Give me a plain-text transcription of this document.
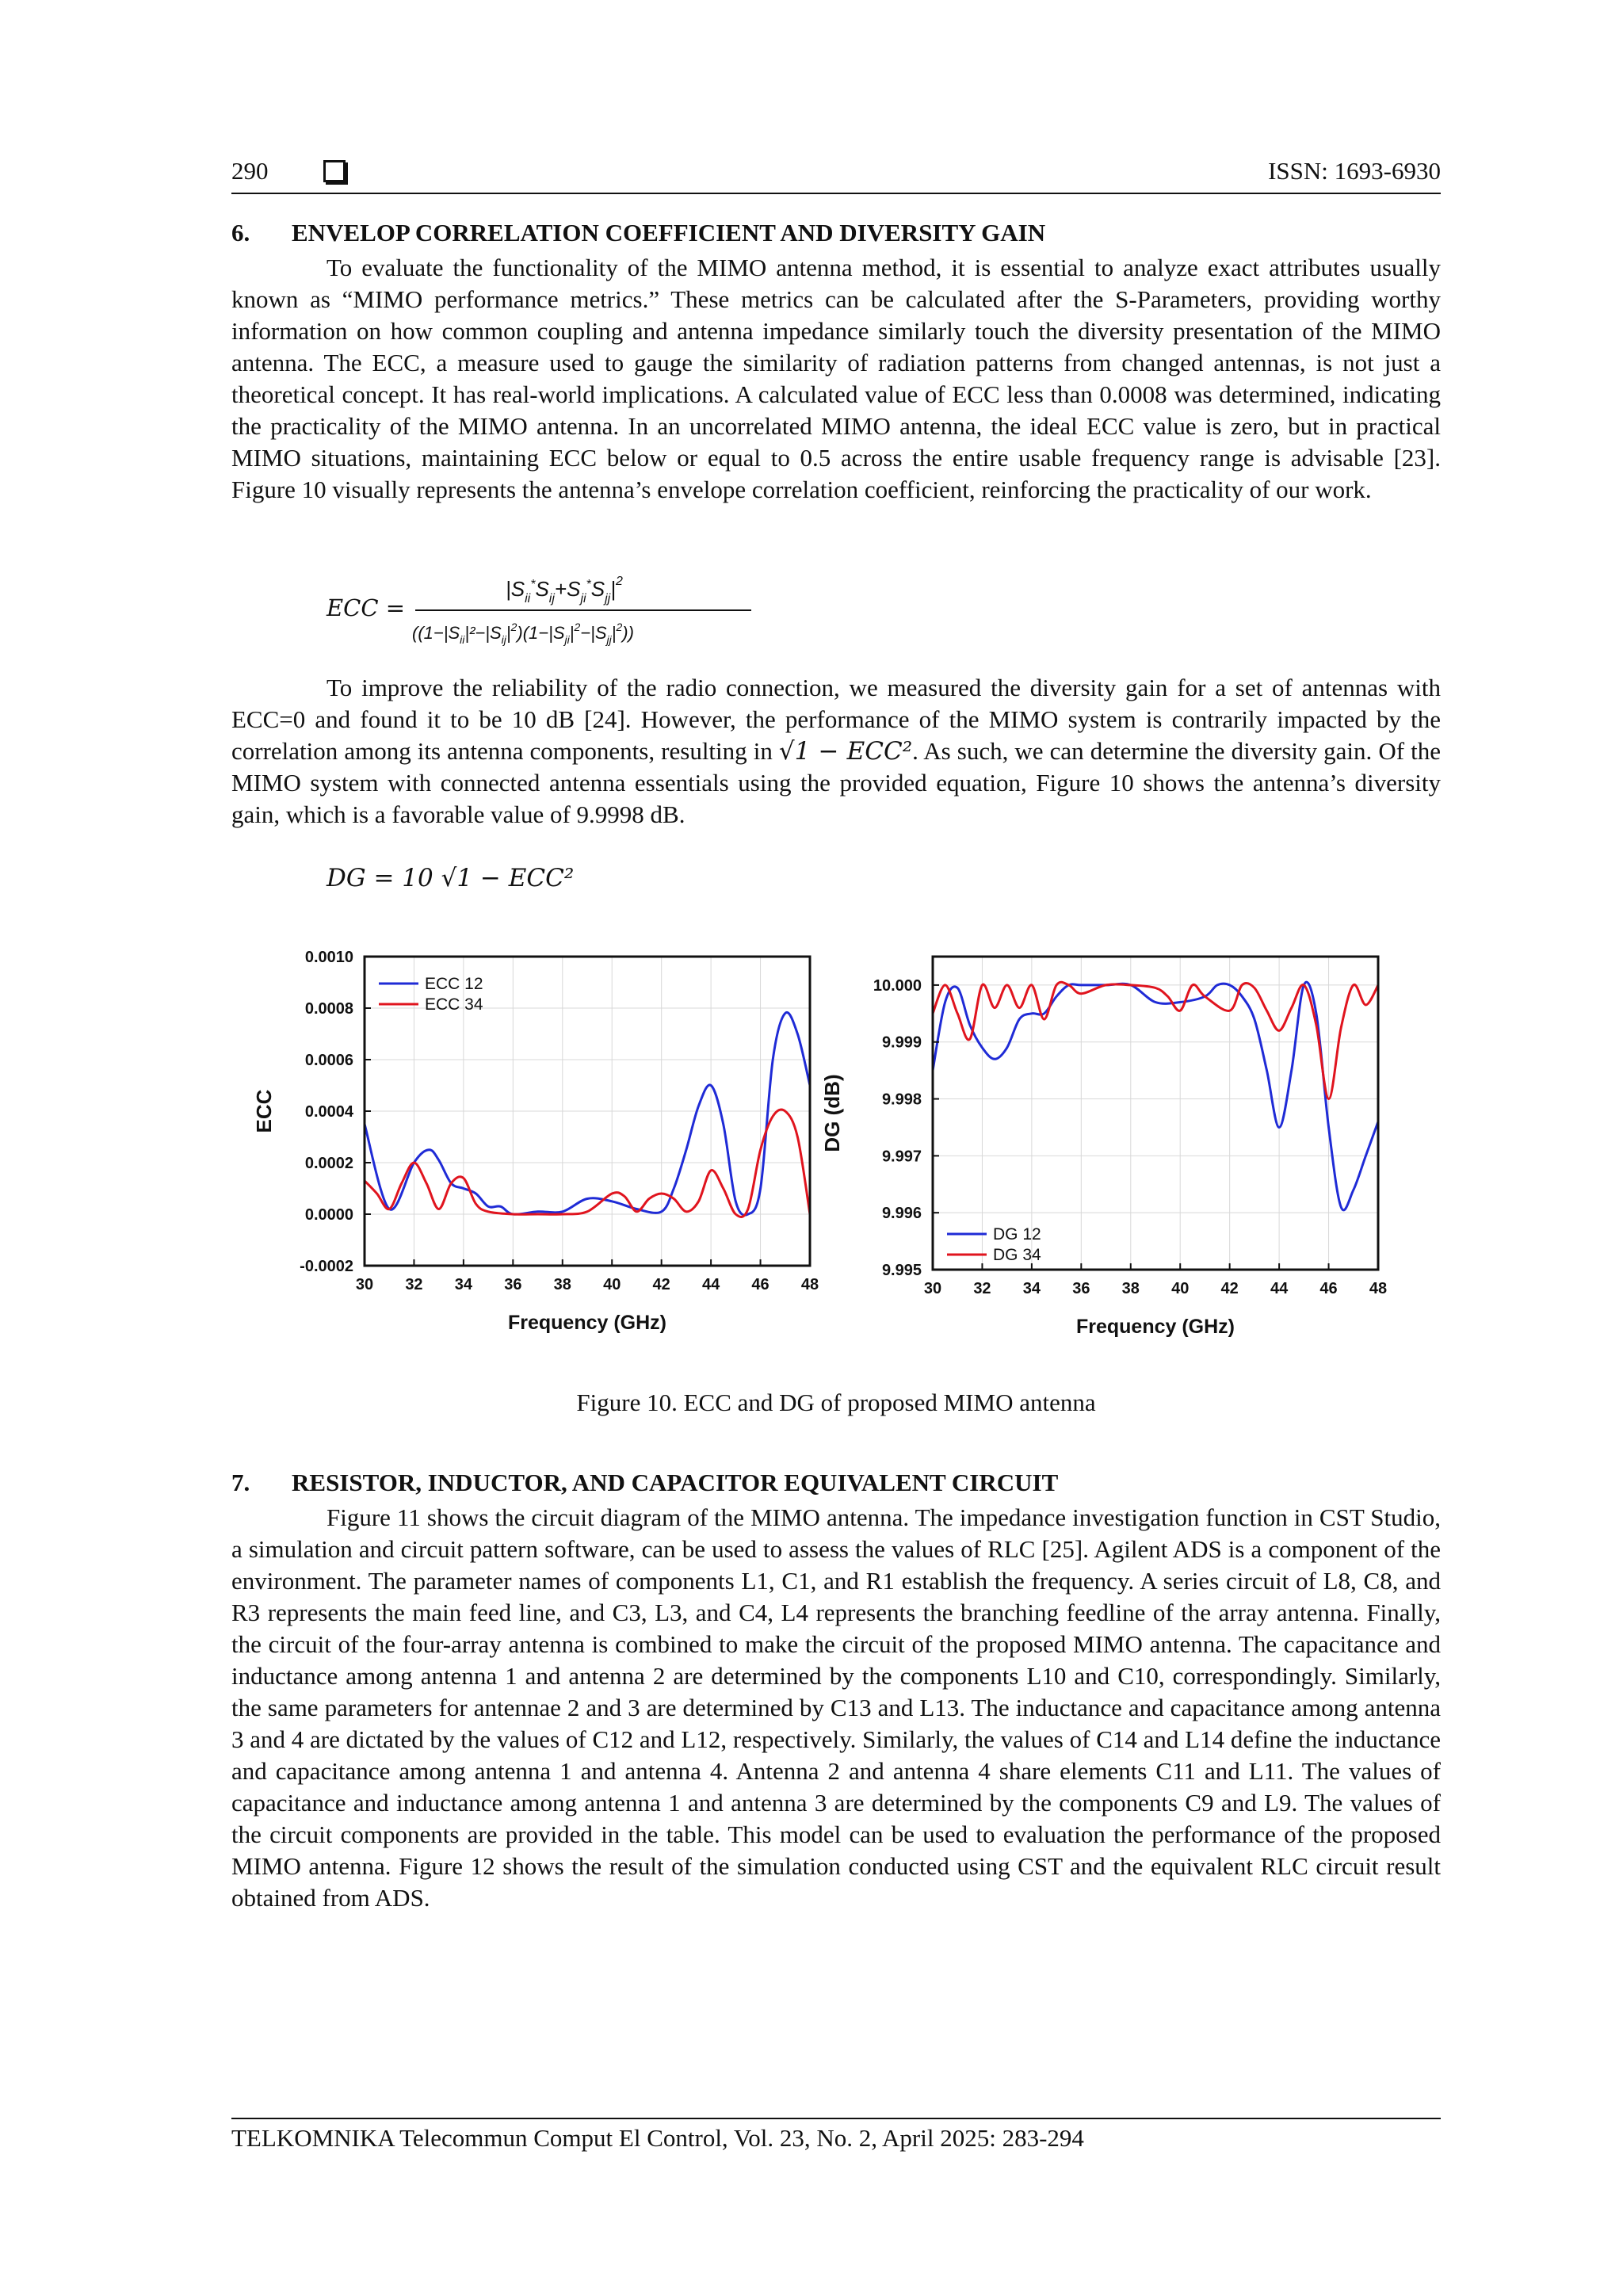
290	ISSN: 1693-6930
6. ENVELOP CORRELATION COEFFICIENT AND DIVERSITY GAIN
To evaluate the functionality of the MIMO antenna method, it is essential to analyze exact attributes usually known as “MIMO performance metrics.” These metrics can be calculated after the S-Parameters, providing worthy information on how common coupling and antenna impedance similarly touch the diversity presentation of the MIMO antenna. The ECC, a measure used to gauge the similarity of radiation patterns from changed antennas, is not just a theoretical concept. It has real-world implications. A calculated value of ECC less than 0.0008 was determined, indicating the practicality of the MIMO antenna. In an uncorrelated MIMO antenna, the ideal ECC value is zero, but in practical MIMO situations, maintaining ECC below or equal to 0.5 across the entire usable frequency range is advisable [23]. Figure 10 visually represents the antenna’s envelope correlation coefficient, reinforcing the practicality of our work.
ECC =
$|S_{ii}^*S_{ij}+S_{ji}^*S_{jj}|^2$
$((1-|S_{ii}|^2-|S_{ij}|^2)(1-|S_{ji}|^2-|S_{jj}|^2))$
To improve the reliability of the radio connection, we measured the diversity gain for a set of antennas with ECC=0 and found it to be 10 dB [24]. However, the performance of the MIMO system is contrarily impacted by the correlation among its antenna components, resulting in √1 − ECC². As such, we can determine the diversity gain. Of the MIMO system with connected antenna essentials using the provided equation, Figure 10 shows the antenna’s diversity gain, which is a favorable value of 9.9998 dB.
DG = 10 √1 − ECC²
30 32 34 36 38 40 42 44 46 48
0.0010
0.0008
0.0006
0.0004
0.0002
0.0000
-0.0002
Frequency (GHz)
ECC
ECC 12
ECC 34
30 32 34 36 38 40 42 44 46 48
10.000
9.999
9.998
9.997
9.996
9.995
Frequency (GHz)
DG (dB)
DG 12
DG 34
Figure 10. ECC and DG of proposed MIMO antenna
7. RESISTOR, INDUCTOR, AND CAPACITOR EQUIVALENT CIRCUIT
Figure 11 shows the circuit diagram of the MIMO antenna. The impedance investigation function in CST Studio, a simulation and circuit pattern software, can be used to assess the values of RLC [25]. Agilent ADS is a component of the environment. The parameter names of components L1, C1, and R1 establish the frequency. A series circuit of L8, C8, and R3 represents the main feed line, and C3, L3, and C4, L4 represents the branching feedline of the array antenna. Finally, the circuit of the four-array antenna is combined to make the circuit of the proposed MIMO antenna. The capacitance and inductance among antenna 1 and antenna 2 are determined by the components L10 and C10, correspondingly. Similarly, the same parameters for antennae 2 and 3 are determined by C13 and L13. The inductance and capacitance among antenna 3 and 4 are dictated by the values of C12 and L12, respectively. Similarly, the values of C14 and L14 define the inductance and capacitance among antenna 1 and antenna 4. Antenna 2 and antenna 4 share elements C11 and L11. The values of capacitance and inductance among antenna 1 and antenna 3 are determined by the components C9 and L9. The values of the circuit components are provided in the table. This model can be used to evaluation the performance of the proposed MIMO antenna. Figure 12 shows the result of the simulation conducted using CST and the equivalent RLC circuit result obtained from ADS.
TELKOMNIKA Telecommun Comput El Control, Vol. 23, No. 2, April 2025: 283-294
